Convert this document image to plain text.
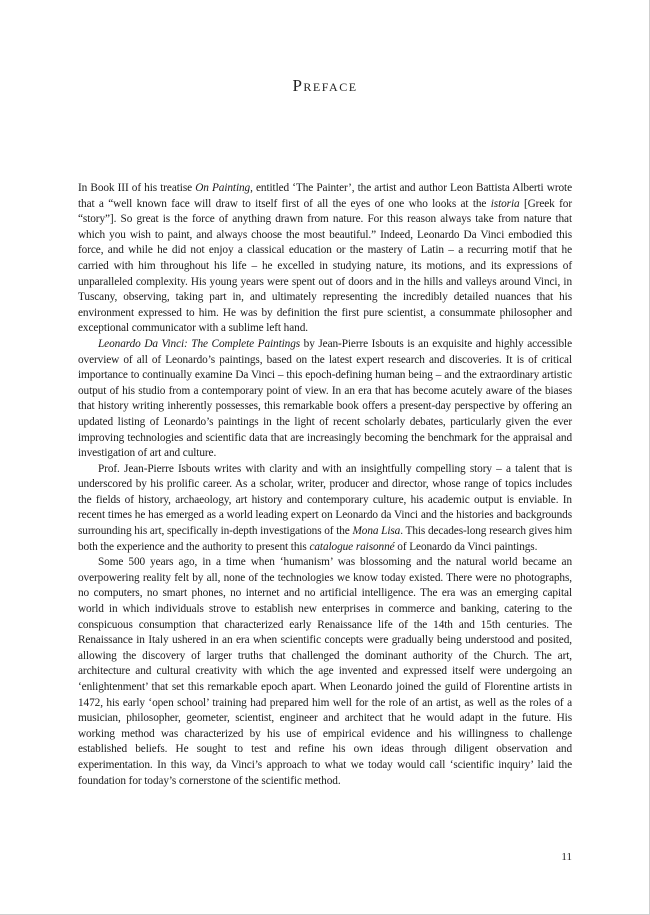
Preface

In Book III of his treatise On Painting, entitled ‘The Painter’, the artist and author Leon Battista Alberti wrote that a “well known face will draw to itself first of all the eyes of one who looks at the istoria [Greek for “story”]. So great is the force of anything drawn from nature. For this reason always take from nature that which you wish to paint, and always choose the most beautiful.” Indeed, Leonardo Da Vinci embodied this force, and while he did not enjoy a classical education or the mastery of Latin – a recurring motif that he carried with him throughout his life – he excelled in studying nature, its motions, and its expressions of unparalleled complexity. His young years were spent out of doors and in the hills and valleys around Vinci, in Tuscany, observing, taking part in, and ultimately representing the incredibly detailed nuances that his environment expressed to him. He was by definition the first pure scientist, a consummate philosopher and exceptional communicator with a sublime left hand.

Leonardo Da Vinci: The Complete Paintings by Jean-Pierre Isbouts is an exquisite and highly accessible overview of all of Leonardo’s paintings, based on the latest expert research and discoveries. It is of critical importance to continually examine Da Vinci – this epoch-defining human being – and the extraordinary artistic output of his studio from a contemporary point of view. In an era that has become acutely aware of the biases that history writing inherently possesses, this remarkable book offers a present-day perspective by offering an updated listing of Leonardo’s paintings in the light of recent scholarly debates, particularly given the ever improving technologies and scientific data that are increasingly becoming the benchmark for the appraisal and investigation of art and culture.

Prof. Jean-Pierre Isbouts writes with clarity and with an insightfully compelling story – a talent that is underscored by his prolific career. As a scholar, writer, producer and director, whose range of topics includes the fields of history, archaeology, art history and contemporary culture, his academic output is enviable. In recent times he has emerged as a world leading expert on Leonardo da Vinci and the histories and backgrounds surrounding his art, specifically in-depth investigations of the Mona Lisa. This decades-long research gives him both the experience and the authority to present this catalogue raisonné of Leonardo da Vinci paintings.

Some 500 years ago, in a time when ‘humanism’ was blossoming and the natural world became an overpowering reality felt by all, none of the technologies we know today existed. There were no photographs, no computers, no smart phones, no internet and no artificial intelligence. The era was an emerging capital world in which individuals strove to establish new enterprises in commerce and banking, catering to the conspicuous consumption that characterized early Renaissance life of the 14th and 15th centuries. The Renaissance in Italy ushered in an era when scientific concepts were gradually being understood and posited, allowing the discovery of larger truths that challenged the dominant authority of the Church. The art, architecture and cultural creativity with which the age invented and expressed itself were undergoing an ‘enlightenment’ that set this remarkable epoch apart. When Leonardo joined the guild of Florentine artists in 1472, his early ‘open school’ training had prepared him well for the role of an artist, as well as the roles of a musician, philosopher, geometer, scientist, engineer and architect that he would adapt in the future. His working method was characterized by his use of empirical evidence and his willingness to challenge established beliefs. He sought to test and refine his own ideas through diligent observation and experimentation. In this way, da Vinci’s approach to what we today would call ‘scientific inquiry’ laid the foundation for today’s cornerstone of the scientific method.

11
